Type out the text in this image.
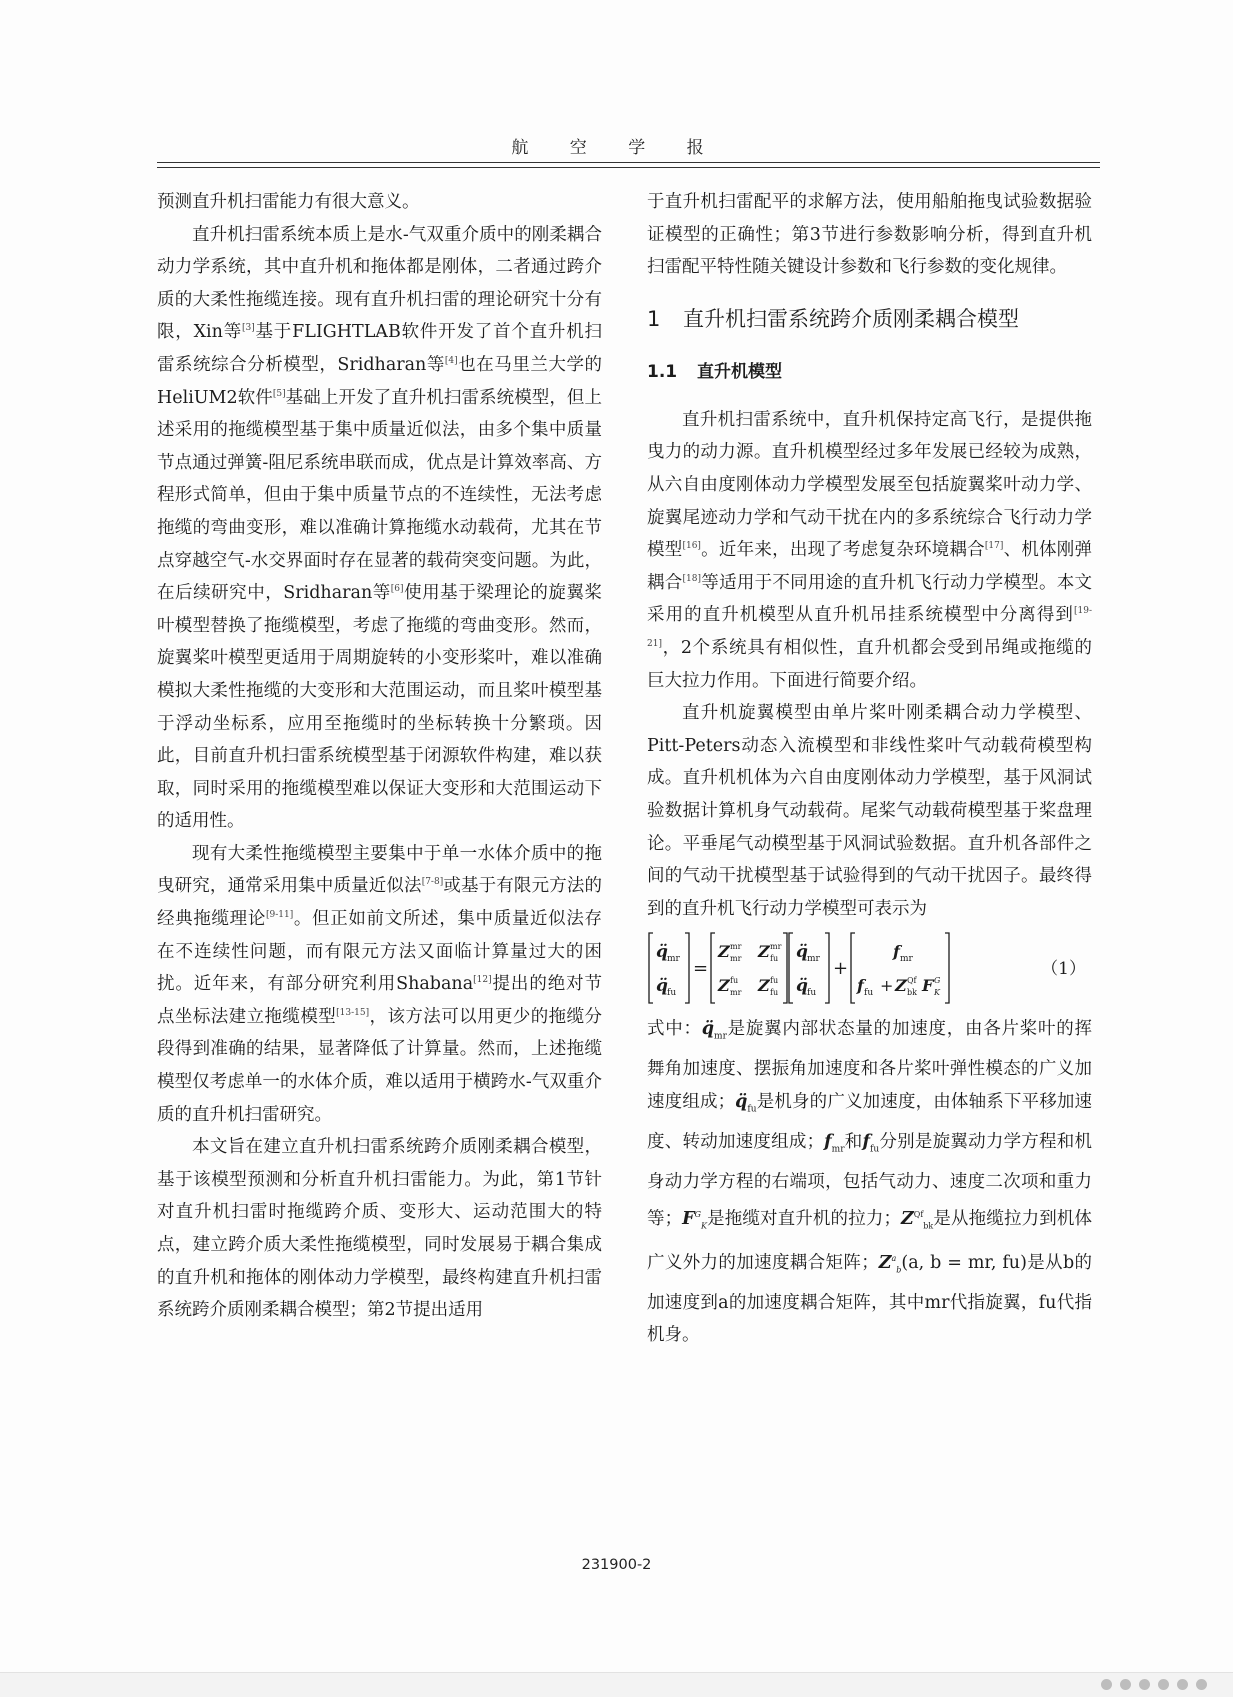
航 空 学 报

预测直升机扫雷能力有很大意义。

直升机扫雷系统本质上是水-气双重介质中的刚柔耦合动力学系统，其中直升机和拖体都是刚体，二者通过跨介质的大柔性拖缆连接。现有直升机扫雷的理论研究十分有限，Xin等[3]基于FLIGHTLAB软件开发了首个直升机扫雷系统综合分析模型，Sridharan等[4]也在马里兰大学的HeliUM2软件[5]基础上开发了直升机扫雷系统模型，但上述采用的拖缆模型基于集中质量近似法，由多个集中质量节点通过弹簧-阻尼系统串联而成，优点是计算效率高、方程形式简单，但由于集中质量节点的不连续性，无法考虑拖缆的弯曲变形，难以准确计算拖缆水动载荷，尤其在节点穿越空气-水交界面时存在显著的载荷突变问题。为此，在后续研究中，Sridharan等[6]使用基于梁理论的旋翼桨叶模型替换了拖缆模型，考虑了拖缆的弯曲变形。然而，旋翼桨叶模型更适用于周期旋转的小变形桨叶，难以准确模拟大柔性拖缆的大变形和大范围运动，而且桨叶模型基于浮动坐标系，应用至拖缆时的坐标转换十分繁琐。因此，目前直升机扫雷系统模型基于闭源软件构建，难以获取，同时采用的拖缆模型难以保证大变形和大范围运动下的适用性。

现有大柔性拖缆模型主要集中于单一水体介质中的拖曳研究，通常采用集中质量近似法[7-8]或基于有限元方法的经典拖缆理论[9-11]。但正如前文所述，集中质量近似法存在不连续性问题，而有限元方法又面临计算量过大的困扰。近年来，有部分研究利用Shabana[12]提出的绝对节点坐标法建立拖缆模型[13-15]，该方法可以用更少的拖缆分段得到准确的结果，显著降低了计算量。然而，上述拖缆模型仅考虑单一的水体介质，难以适用于横跨水-气双重介质的直升机扫雷研究。

本文旨在建立直升机扫雷系统跨介质刚柔耦合模型，基于该模型预测和分析直升机扫雷能力。为此，第1节针对直升机扫雷时拖缆跨介质、变形大、运动范围大的特点，建立跨介质大柔性拖缆模型，同时发展易于耦合集成的直升机和拖体的刚体动力学模型，最终构建直升机扫雷系统跨介质刚柔耦合模型；第2节提出适用

于直升机扫雷配平的求解方法，使用船舶拖曳试验数据验证模型的正确性；第3节进行参数影响分析，得到直升机扫雷配平特性随关键设计参数和飞行参数的变化规律。

1 直升机扫雷系统跨介质刚柔耦合模型
1.1 直升机模型

直升机扫雷系统中，直升机保持定高飞行，是提供拖曳力的动力源。直升机模型经过多年发展已经较为成熟，从六自由度刚体动力学模型发展至包括旋翼桨叶动力学、旋翼尾迹动力学和气动干扰在内的多系统综合飞行动力学模型[16]。近年来，出现了考虑复杂环境耦合[17]、机体刚弹耦合[18]等适用于不同用途的直升机飞行动力学模型。本文采用的直升机模型从直升机吊挂系统模型中分离得到[19-21]，2个系统具有相似性，直升机都会受到吊绳或拖缆的巨大拉力作用。下面进行简要介绍。

直升机旋翼模型由单片桨叶刚柔耦合动力学模型、Pitt-Peters动态入流模型和非线性桨叶气动载荷模型构成。直升机机体为六自由度刚体动力学模型，基于风洞试验数据计算机身气动载荷。尾桨气动载荷模型基于桨盘理论。平垂尾气动模型基于风洞试验数据。直升机各部件之间的气动干扰模型基于试验得到的气动干扰因子。最终得到的直升机飞行动力学模型可表示为

q̈ mr
q̈ fu
=
Z mr
mr Z mr
fu
Z fu
mr Z fu
fu
q̈ mr
q̈ fu
+
f mr
f fu + Z Qf
bk F G
K
（1）

式中：$q̈_{mr}$是旋翼内部状态量的加速度，由各片桨叶的挥舞角加速度、摆振角加速度和各片桨叶弹性模态的广义加速度组成；$q̈_{fu}$是机身的广义加速度，由体轴系下平移加速度、转动加速度组成；$f_{mr}$和$f_{fu}$分别是旋翼动力学方程和机身动力学方程的右端项，包括气动力、速度二次项和重力等；$F^G_K$是拖缆对直升机的拉力；$Z^{Qf}_{bk}$是从拖缆拉力到机体广义外力的加速度耦合矩阵；$Z^a_b(a$, b = mr, fu)是从b的加速度到a的加速度耦合矩阵，其中mr代指旋翼，fu代指机身。

231900-2
